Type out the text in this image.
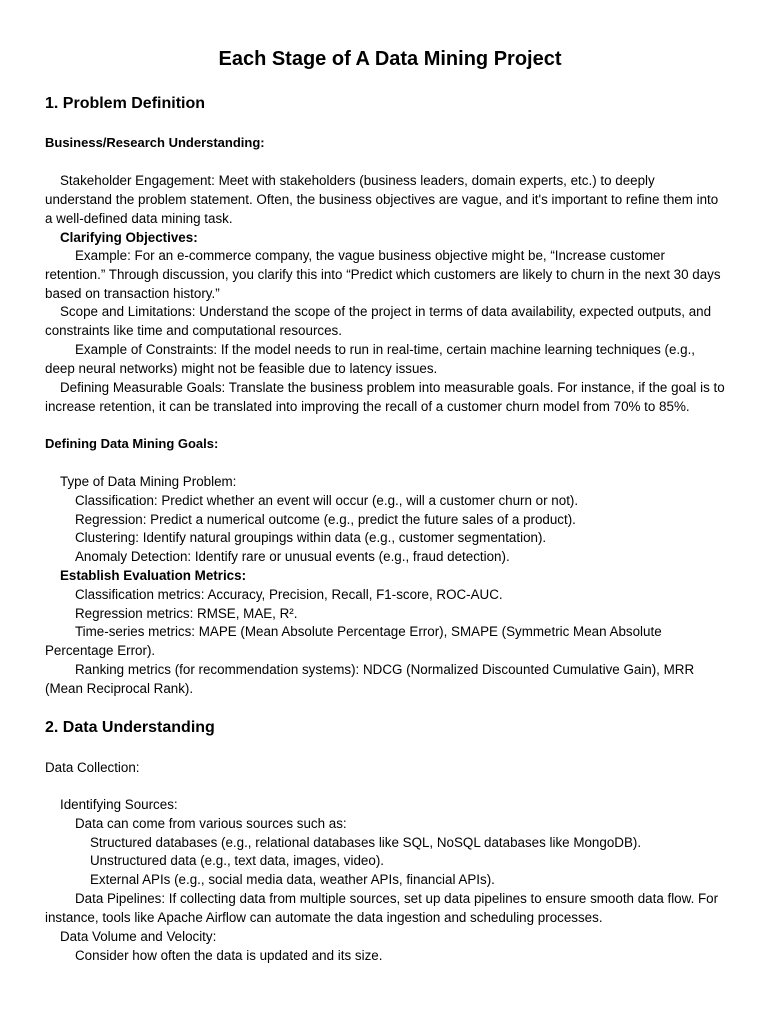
Each Stage of A Data Mining Project
1. Problem Definition
Business/Research Understanding:
Stakeholder Engagement: Meet with stakeholders (business leaders, domain experts, etc.) to deeply understand the problem statement. Often, the business objectives are vague, and it's important to refine them into a well-defined data mining task.
Clarifying Objectives:
Example: For an e-commerce company, the vague business objective might be, “Increase customer retention.” Through discussion, you clarify this into “Predict which customers are likely to churn in the next 30 days based on transaction history.”
Scope and Limitations: Understand the scope of the project in terms of data availability, expected outputs, and constraints like time and computational resources.
Example of Constraints: If the model needs to run in real-time, certain machine learning techniques (e.g., deep neural networks) might not be feasible due to latency issues.
Defining Measurable Goals: Translate the business problem into measurable goals. For instance, if the goal is to increase retention, it can be translated into improving the recall of a customer churn model from 70% to 85%.
Defining Data Mining Goals:
Type of Data Mining Problem:
Classification: Predict whether an event will occur (e.g., will a customer churn or not).
Regression: Predict a numerical outcome (e.g., predict the future sales of a product).
Clustering: Identify natural groupings within data (e.g., customer segmentation).
Anomaly Detection: Identify rare or unusual events (e.g., fraud detection).
Establish Evaluation Metrics:
Classification metrics: Accuracy, Precision, Recall, F1-score, ROC-AUC.
Regression metrics: RMSE, MAE, R².
Time-series metrics: MAPE (Mean Absolute Percentage Error), SMAPE (Symmetric Mean Absolute Percentage Error).
Ranking metrics (for recommendation systems): NDCG (Normalized Discounted Cumulative Gain), MRR (Mean Reciprocal Rank).
2. Data Understanding
Data Collection:
Identifying Sources:
Data can come from various sources such as:
Structured databases (e.g., relational databases like SQL, NoSQL databases like MongoDB).
Unstructured data (e.g., text data, images, video).
External APIs (e.g., social media data, weather APIs, financial APIs).
Data Pipelines: If collecting data from multiple sources, set up data pipelines to ensure smooth data flow. For instance, tools like Apache Airflow can automate the data ingestion and scheduling processes.
Data Volume and Velocity:
Consider how often the data is updated and its size.
